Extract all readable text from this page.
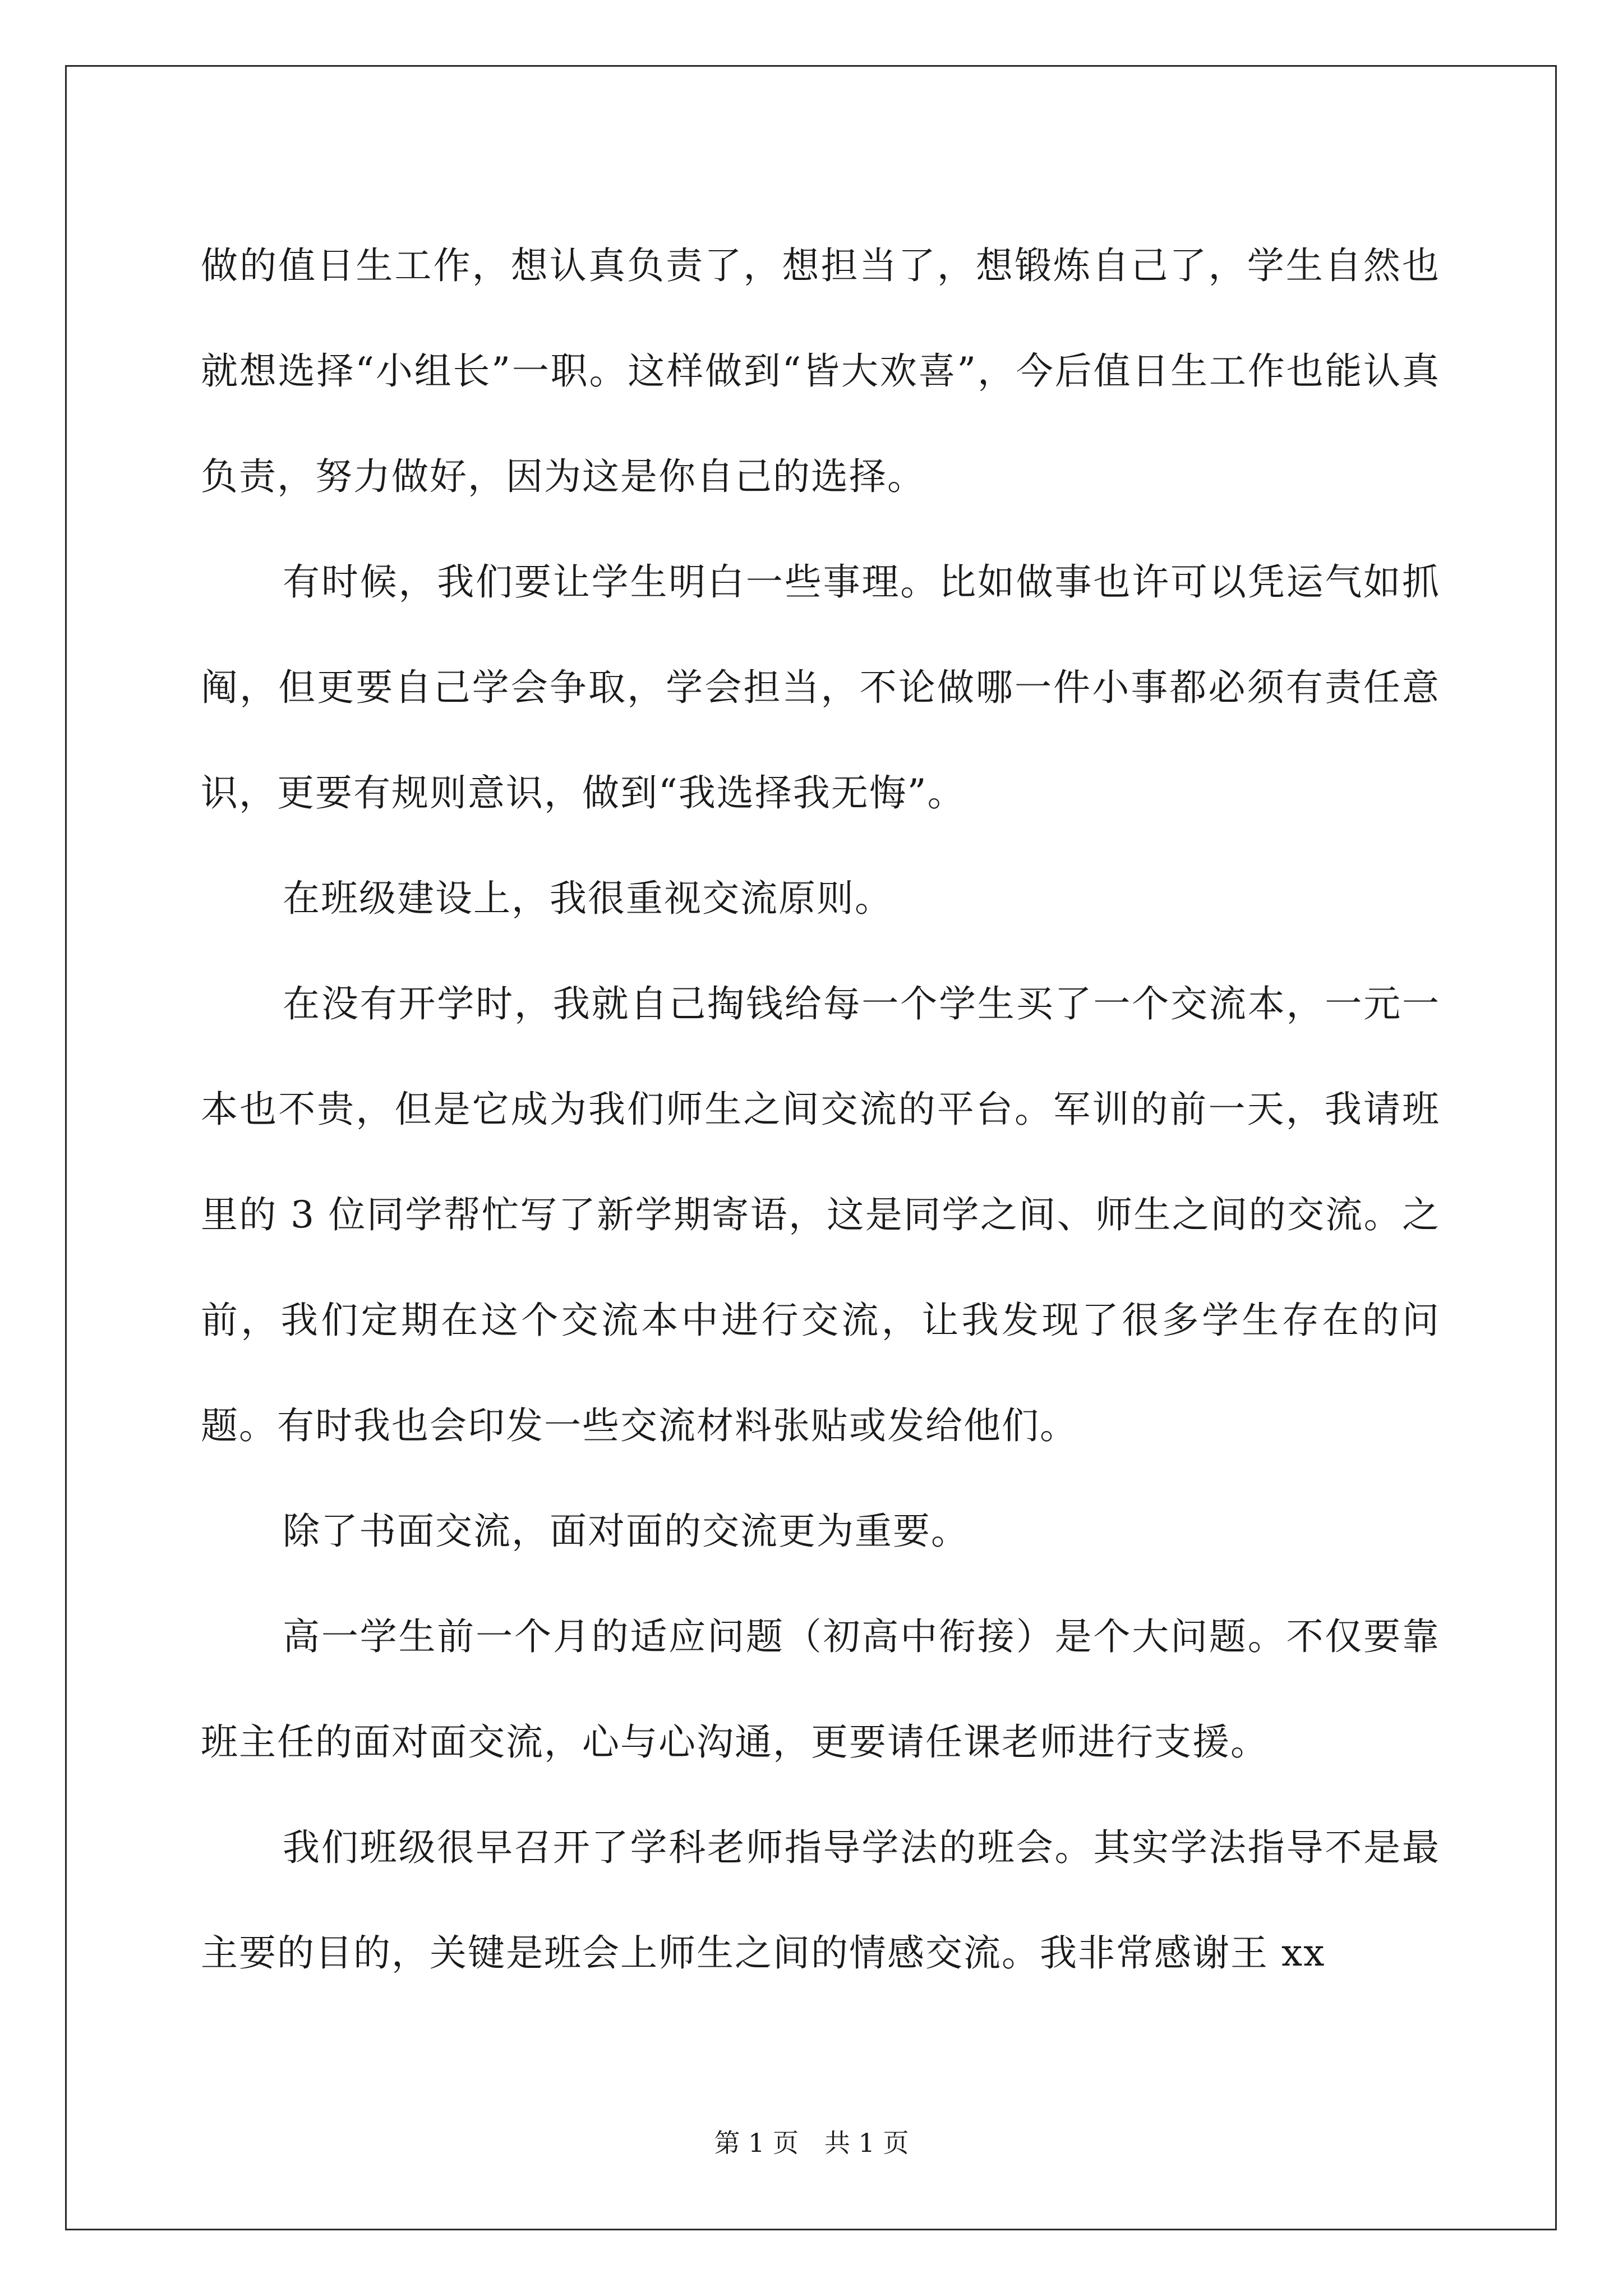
做的值日生工作，想认真负责了，想担当了，想锻炼自己了，学生自然也就想选择“小组长”一职。这样做到“皆大欢喜”，今后值日生工作也能认真负责，努力做好，因为这是你自己的选择。

有时候，我们要让学生明白一些事理。比如做事也许可以凭运气如抓阄，但更要自己学会争取，学会担当，不论做哪一件小事都必须有责任意识，更要有规则意识，做到“我选择我无悔”。

在班级建设上，我很重视交流原则。

在没有开学时，我就自己掏钱给每一个学生买了一个交流本，一元一本也不贵，但是它成为我们师生之间交流的平台。军训的前一天，我请班里的 3 位同学帮忙写了新学期寄语，这是同学之间、师生之间的交流。之前，我们定期在这个交流本中进行交流，让我发现了很多学生存在的问题。有时我也会印发一些交流材料张贴或发给他们。

除了书面交流，面对面的交流更为重要。

高一学生前一个月的适应问题（初高中衔接）是个大问题。不仅要靠班主任的面对面交流，心与心沟通，更要请任课老师进行支援。

我们班级很早召开了学科老师指导学法的班会。其实学法指导不是最主要的目的，关键是班会上师生之间的情感交流。我非常感谢王 xx

第 1 页 共 1 页
